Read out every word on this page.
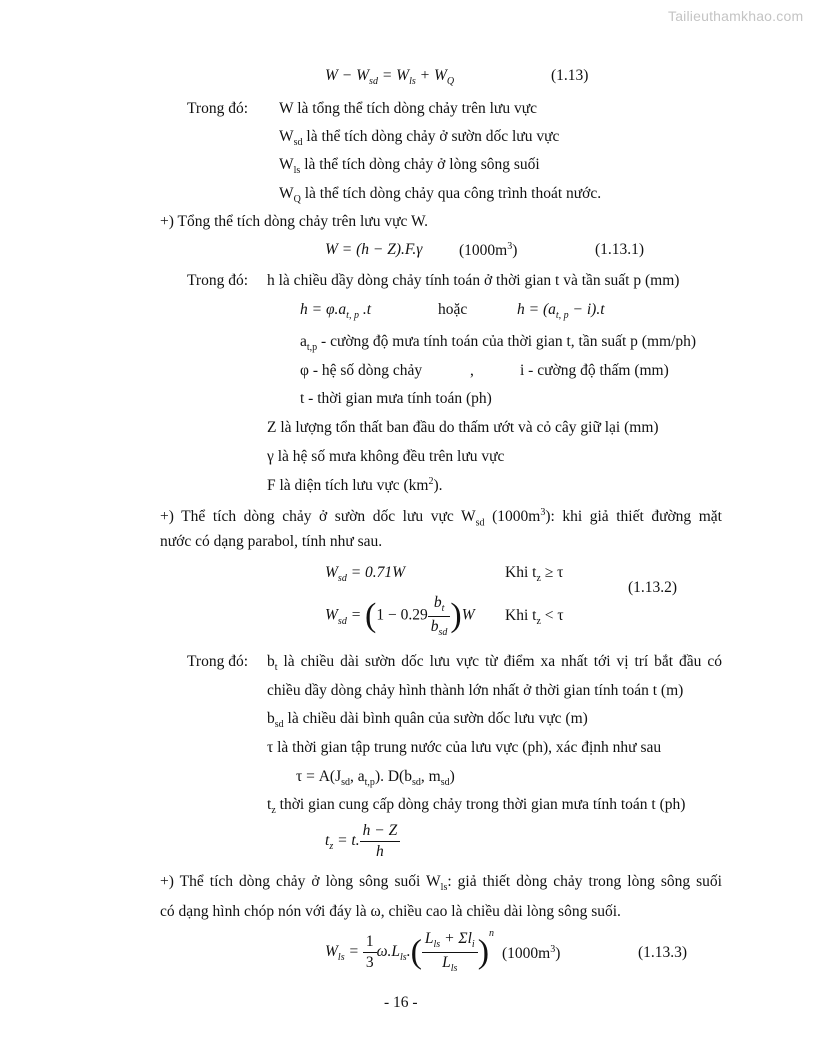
Tailieuthamkhao.com
$W - W_{sd} = W_{ls} + W_Q$	(1.13)
Trong đó: W là tổng thể tích dòng chảy trên lưu vực
$W_{sd}$ là thể tích dòng chảy ở sườn dốc lưu vực
$W_{ls}$ là thể tích dòng chảy ở lòng sông suối
$W_Q$ là thể tích dòng chảy qua công trình thoát nước.
+) Tổng thể tích dòng chảy trên lưu vực W.
W = (h − Z).F.γ $(1000m^3)$	(1.13.1)
Trong đó: h là chiều dầy dòng chảy tính toán ở thời gian t và tần suất p (mm)
$h = \varphi.a_{t, p}$ .t	hoặc	$h = (a_{t, p} - i).t$
$a_{t,p}$ - cường độ mưa tính toán của thời gian t, tần suất p (mm/ph)
φ - hệ số dòng chảy	,	i - cường độ thấm (mm)
t - thời gian mưa tính toán (ph)
Z là lượng tổn thất ban đầu do thấm ướt và cỏ cây giữ lại (mm)
γ là hệ số mưa không đều trên lưu vực
F là diện tích lưu vực $(km^2)$.
+) Thể tích dòng chảy ở sườn dốc lưu vực $W_{sd}$ $(1000m^3)$: khi giả thiết đường mặt
nước có dạng parabol, tính như sau.
$W_{sd} = 0.71W$	Khi $t_z \ge \tau$
(1.13.2)
$W_{sd} = (1 - 0.29 \frac{b_t}{b_{sd}} )W$ Khi $t_z < \tau$
Trong đó: $b_t$ là chiều dài sườn dốc lưu vực từ điểm xa nhất tới vị trí bắt đầu có
chiều dầy dòng chảy hình thành lớn nhất ở thời gian tính toán t (m)
$b_{sd}$ là chiều dài bình quân của sườn dốc lưu vực (m)
τ là thời gian tập trung nước của lưu vực (ph), xác định như sau
$\tau = A(J_{sd}$, $a_{t,p}$). $D(b_{sd}$, $m_{sd}$)
$t_z$ thời gian cung cấp dòng chảy trong thời gian mưa tính toán t (ph)
$t_z = t$. $\frac{h - Z}{h}$
+) Thể tích dòng chảy ở lòng sông suối $W_{ls}$: giả thiết dòng chảy trong lòng sông suối
có dạng hình chóp nón với đáy là ω, chiều cao là chiều dài lòng sông suối.
$W_{ls} = \frac{1}{3} \omega.L_{ls}.( \frac{L_{ls} + \Sigma l_i}{L_{ls}} )^n$
$(1000m^3)$	(1.13.3)
- 16 -
